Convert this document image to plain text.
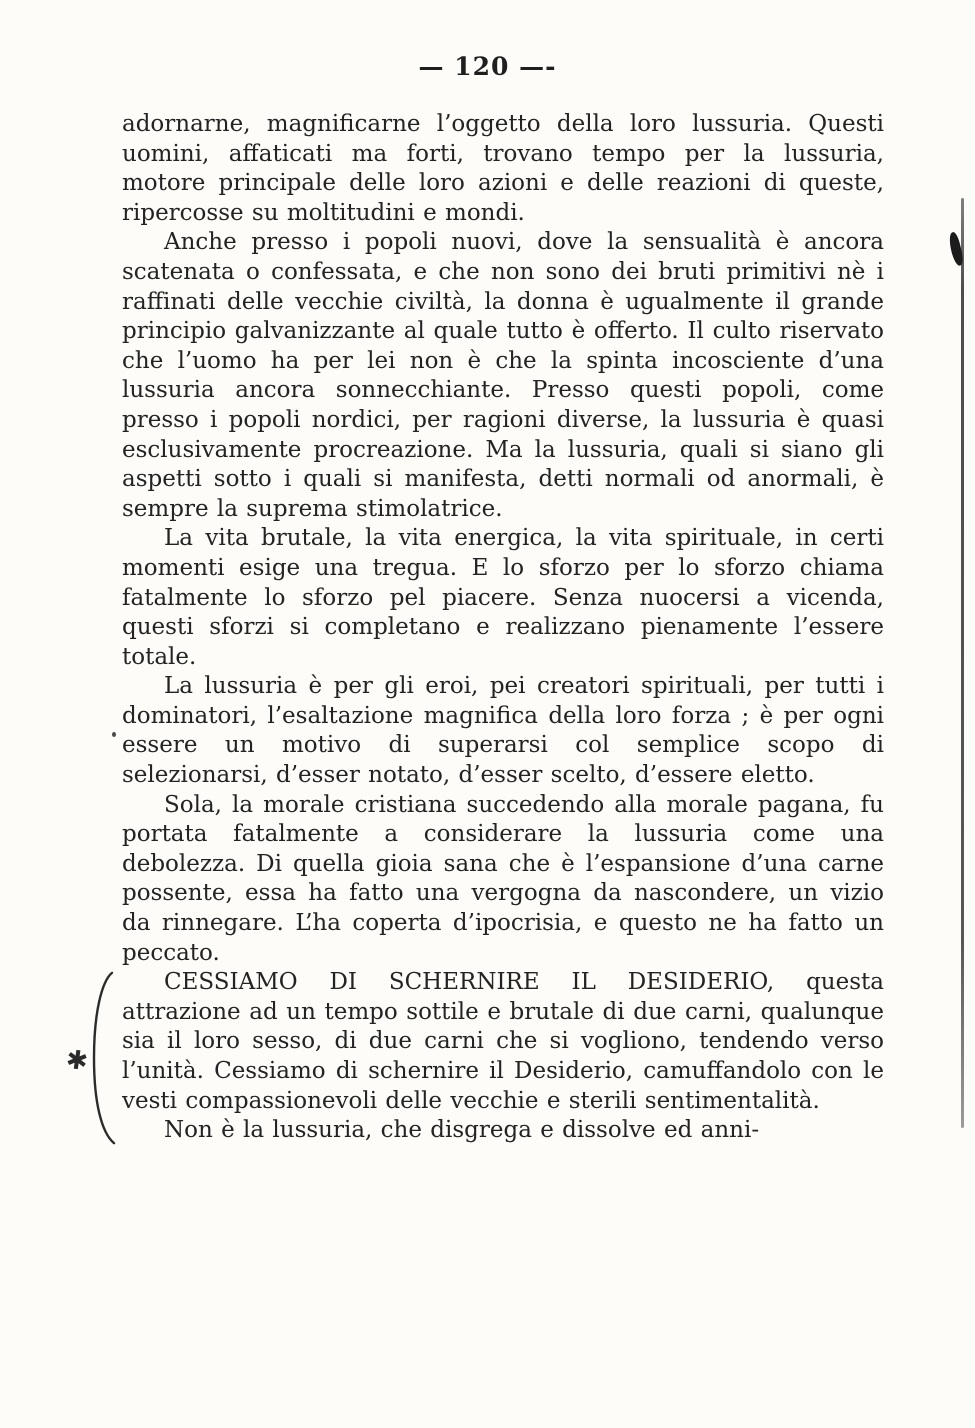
— 120 —-

adornarne, magnificarne l’oggetto della loro lussuria. Questi uomini, affaticati ma forti, trovano tempo per la lussuria, motore principale delle loro azioni e delle reazioni di queste, ripercosse su moltitudini e mondi.

Anche presso i popoli nuovi, dove la sensualità è ancora scatenata o confessata, e che non sono dei bruti primitivi nè i raffinati delle vecchie civiltà, la donna è ugualmente il grande principio galvanizzante al quale tutto è offerto. Il culto riservato che l’uomo ha per lei non è che la spinta incosciente d’una lussuria ancora sonnecchiante. Presso questi popoli, come presso i popoli nordici, per ragioni diverse, la lussuria è quasi esclusivamente procreazione. Ma la lussuria, quali si siano gli aspetti sotto i quali si manifesta, detti normali od anormali, è sempre la suprema stimolatrice.

La vita brutale, la vita energica, la vita spirituale, in certi momenti esige una tregua. E lo sforzo per lo sforzo chiama fatalmente lo sforzo pel piacere. Senza nuocersi a vicenda, questi sforzi si completano e realizzano pienamente l’essere totale.

La lussuria è per gli eroi, pei creatori spirituali, per tutti i dominatori, l’esaltazione magnifica della loro forza ; è per ogni essere un motivo di superarsi col semplice scopo di selezionarsi, d’esser notato, d’esser scelto, d’essere eletto.

Sola, la morale cristiana succedendo alla morale pagana, fu portata fatalmente a considerare la lussuria come una debolezza. Di quella gioia sana che è l’espansione d’una carne possente, essa ha fatto una vergogna da nascondere, un vizio da rinnegare. L’ha coperta d’ipocrisia, e questo ne ha fatto un peccato.

✱

CESSIAMO DI SCHERNIRE IL DESIDERIO, questa attrazione ad un tempo sottile e brutale di due carni, qualunque sia il loro sesso, di due carni che si vogliono, tendendo verso l’unità. Cessiamo di schernire il Desiderio, camuffandolo con le vesti compassionevoli delle vecchie e sterili sentimentalità.

Non è la lussuria, che disgrega e dissolve ed anni-
